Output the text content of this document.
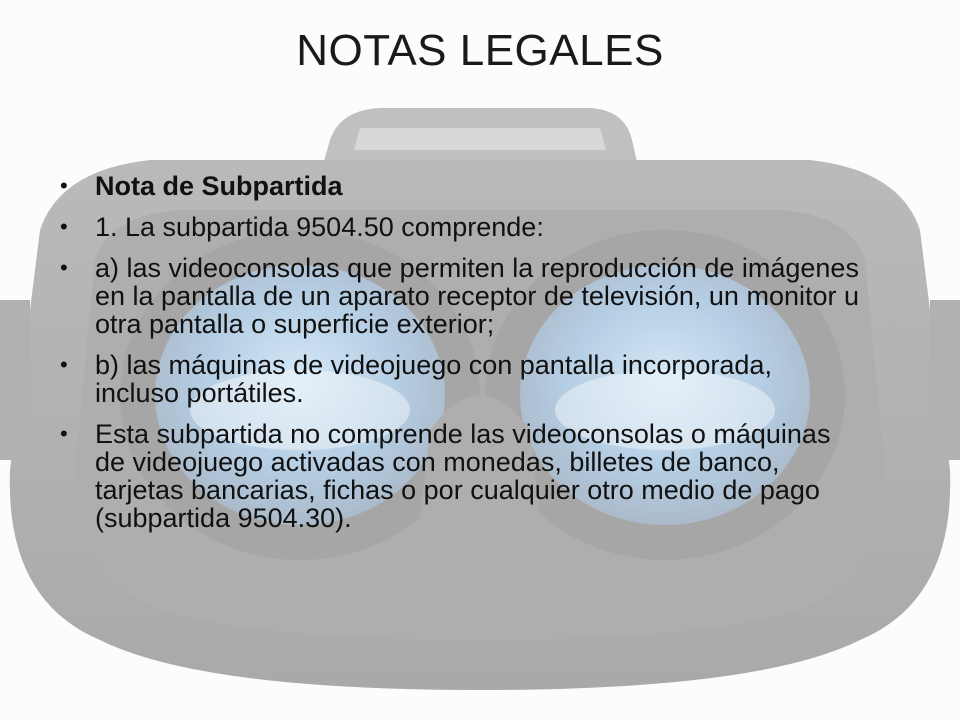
NOTAS LEGALES
• Nota de Subpartida
• 1. La subpartida 9504.50 comprende:
• a) las videoconsolas que permiten la reproducción de imágenes en la pantalla de un aparato receptor de televisión, un monitor u otra pantalla o superficie exterior;
• b) las máquinas de videojuego con pantalla incorporada, incluso portátiles.
• Esta subpartida no comprende las videoconsolas o máquinas de videojuego activadas con monedas, billetes de banco, tarjetas bancarias, fichas o por cualquier otro medio de pago (subpartida 9504.30).
